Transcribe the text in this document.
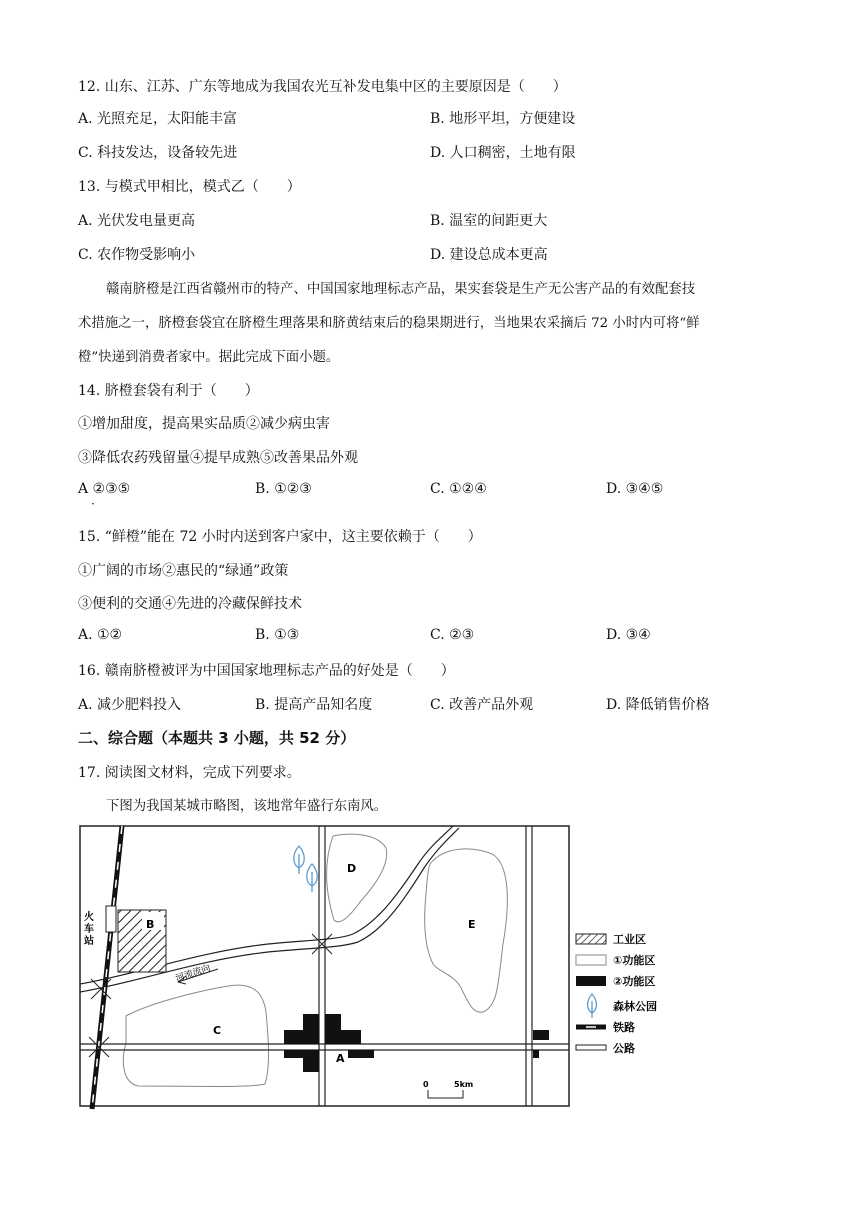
12. 山东、江苏、广东等地成为我国农光互补发电集中区的主要原因是（　　）
A. 光照充足，太阳能丰富	B. 地形平坦，方便建设
C. 科技发达，设备较先进	D. 人口稠密，土地有限
13. 与模式甲相比，模式乙（　　）
A. 光伏发电量更高	B. 温室的间距更大
C. 农作物受影响小	D. 建设总成本更高
赣南脐橙是江西省赣州市的特产、中国国家地理标志产品，果实套袋是生产无公害产品的有效配套技
术措施之一，脐橙套袋宜在脐橙生理落果和脐黄结束后的稳果期进行，当地果农采摘后 72 小时内可将“鲜
橙”快递到消费者家中。据此完成下面小题。
14. 脐橙套袋有利于（　　）
①增加甜度，提高果实品质②减少病虫害
③降低农药残留量④提早成熟⑤改善果品外观
A ②③⑤
·
B. ①②③	C. ①②④	D. ③④⑤
15. “鲜橙”能在 72 小时内送到客户家中，这主要依赖于（　　）
①广阔的市场②惠民的“绿通”政策
③便利的交通④先进的冷藏保鲜技术
A. ①②	B. ①③	C. ②③	D. ③④
16. 赣南脐橙被评为中国国家地理标志产品的好处是（　　）
A. 减少肥料投入	B. 提高产品知名度	C. 改善产品外观	D. 降低销售价格
二、综合题（本题共 3 小题，共 52 分）
17. 阅读图文材料，完成下列要求。
下图为我国某城市略图，该地常年盛行东南风。
河流流向
火
车
站
A
B
C
D
E
0	5km
工业区
①功能区
②功能区
森林公园
铁路
公路
